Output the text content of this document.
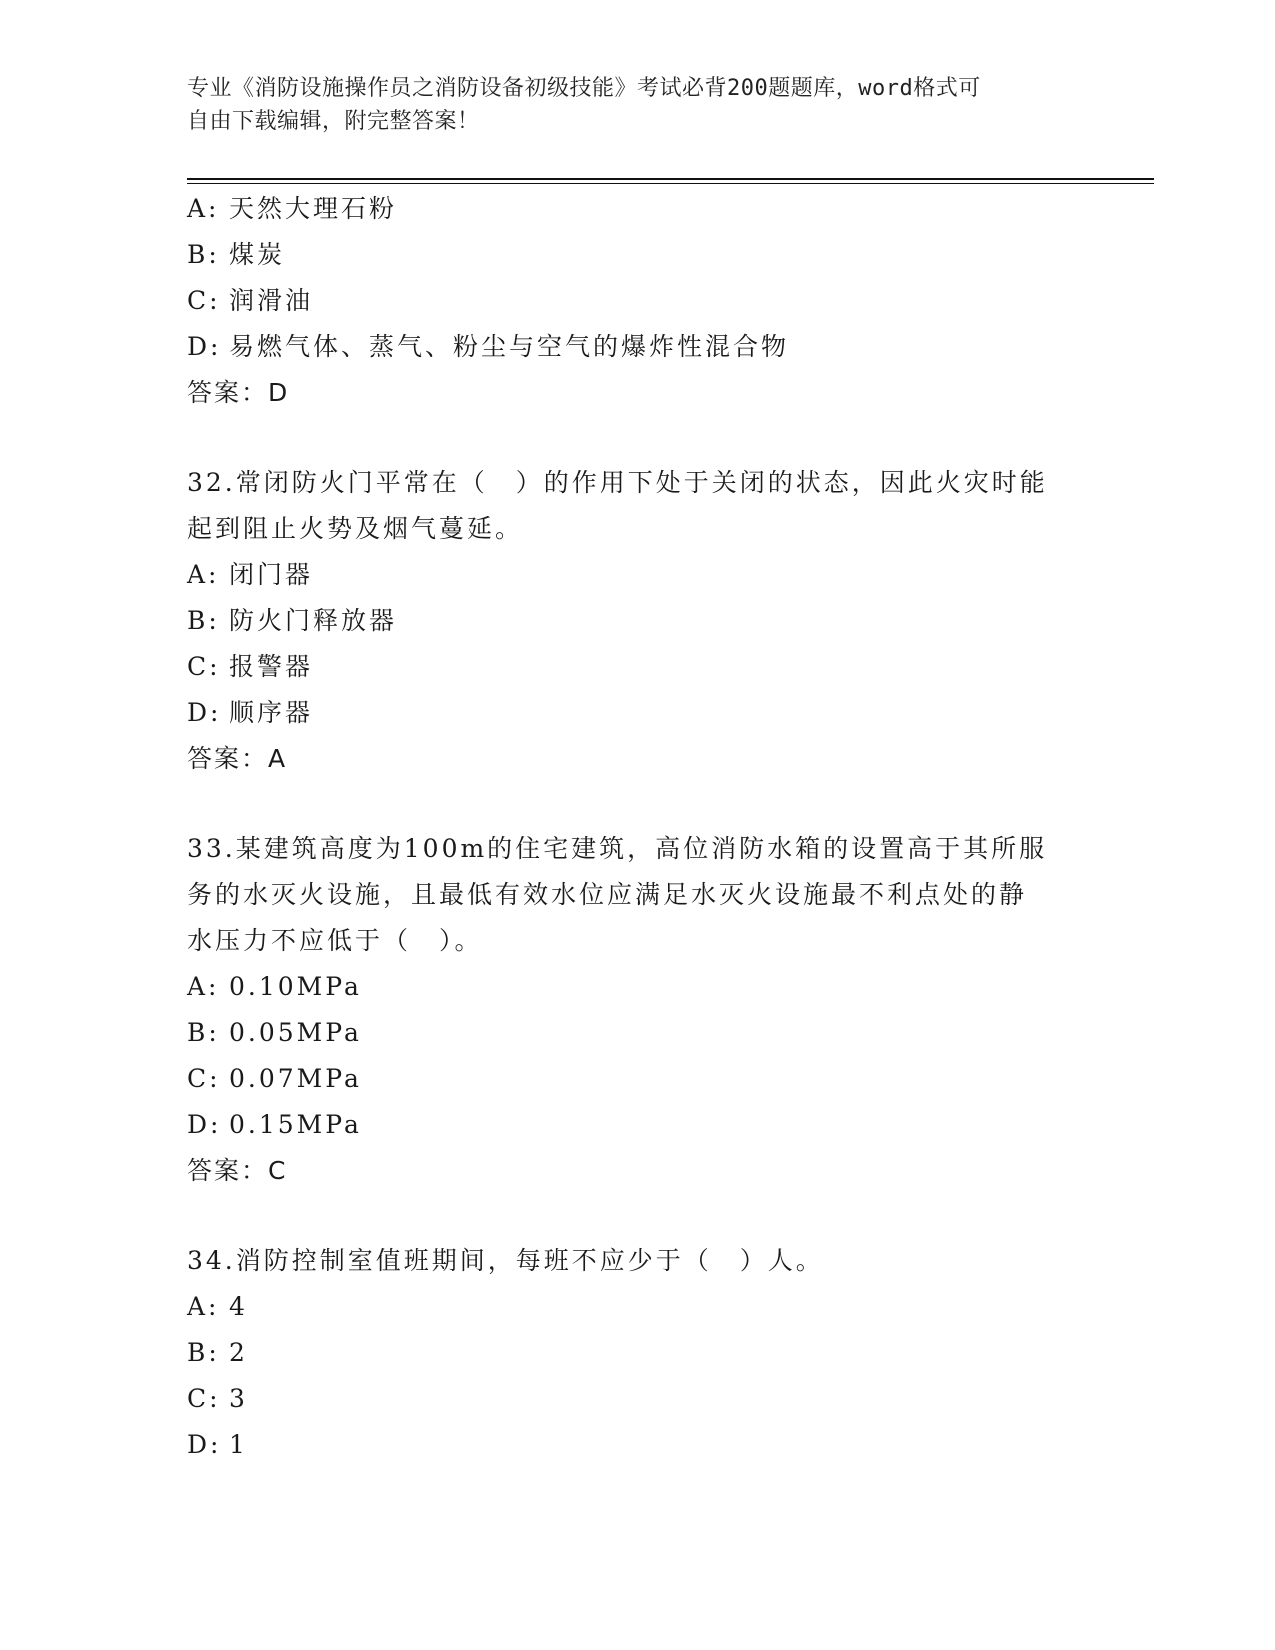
专业《消防设施操作员之消防设备初级技能》考试必背200题题库，word格式可
自由下载编辑，附完整答案！
A: 天然大理石粉
B: 煤炭
C: 润滑油
D: 易燃气体、蒸气、粉尘与空气的爆炸性混合物
答案：D
32.常闭防火门平常在（　）的作用下处于关闭的状态，因此火灾时能
起到阻止火势及烟气蔓延。
A: 闭门器
B: 防火门释放器
C: 报警器
D: 顺序器
答案：A
33.某建筑高度为100m的住宅建筑，高位消防水箱的设置高于其所服
务的水灭火设施，且最低有效水位应满足水灭火设施最不利点处的静
水压力不应低于（　）。
A: 0.10MPa
B: 0.05MPa
C: 0.07MPa
D: 0.15MPa
答案：C
34.消防控制室值班期间，每班不应少于（　）人。
A: 4
B: 2
C: 3
D: 1
